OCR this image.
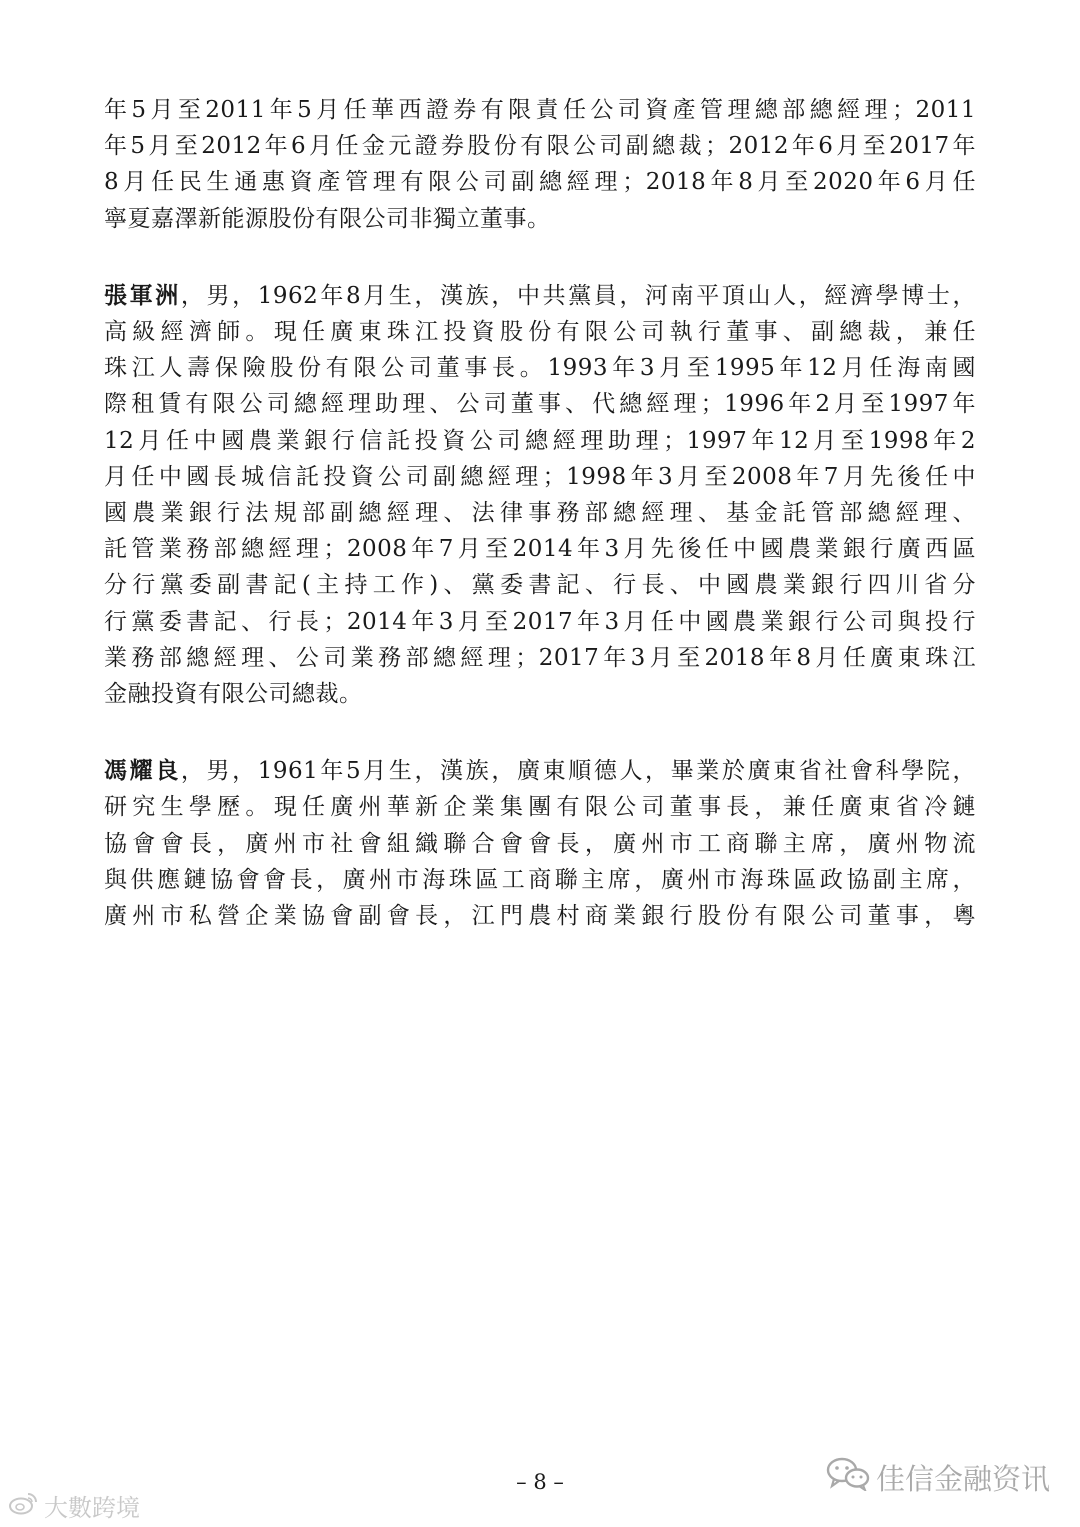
年5月至2011年5月任華西證券有限責任公司資產管理總部總經理；2011
年5月至2012年6月任金元證券股份有限公司副總裁；2012年6月至2017年
8月任民生通惠資產管理有限公司副總經理；2018年8月至2020年6月任
寧夏嘉澤新能源股份有限公司非獨立董事。
張軍洲，男，1962年8月生，漢族，中共黨員，河南平頂山人，經濟學博士，
高級經濟師。現任廣東珠江投資股份有限公司執行董事、副總裁，兼任
珠江人壽保險股份有限公司董事長。1993年3月至1995年12月任海南國
際租賃有限公司總經理助理、公司董事、代總經理；1996年2月至1997年
12月任中國農業銀行信託投資公司總經理助理；1997年12月至1998年2
月任中國長城信託投資公司副總經理；1998年3月至2008年7月先後任中
國農業銀行法規部副總經理、法律事務部總經理、基金託管部總經理、
託管業務部總經理；2008年7月至2014年3月先後任中國農業銀行廣西區
分行黨委副書記(主持工作)、黨委書記、行長、中國農業銀行四川省分
行黨委書記、行長；2014年3月至2017年3月任中國農業銀行公司與投行
業務部總經理、公司業務部總經理；2017年3月至2018年8月任廣東珠江
金融投資有限公司總裁。
馮耀良，男，1961年5月生，漢族，廣東順德人，畢業於廣東省社會科學院，
研究生學歷。現任廣州華新企業集團有限公司董事長，兼任廣東省冷鏈
協會會長，廣州市社會組織聯合會會長，廣州市工商聯主席，廣州物流
與供應鏈協會會長，廣州市海珠區工商聯主席，廣州市海珠區政協副主席，
廣州市私營企業協會副會長，江門農村商業銀行股份有限公司董事，粵
– 8 –
大數跨境
佳信金融资讯
